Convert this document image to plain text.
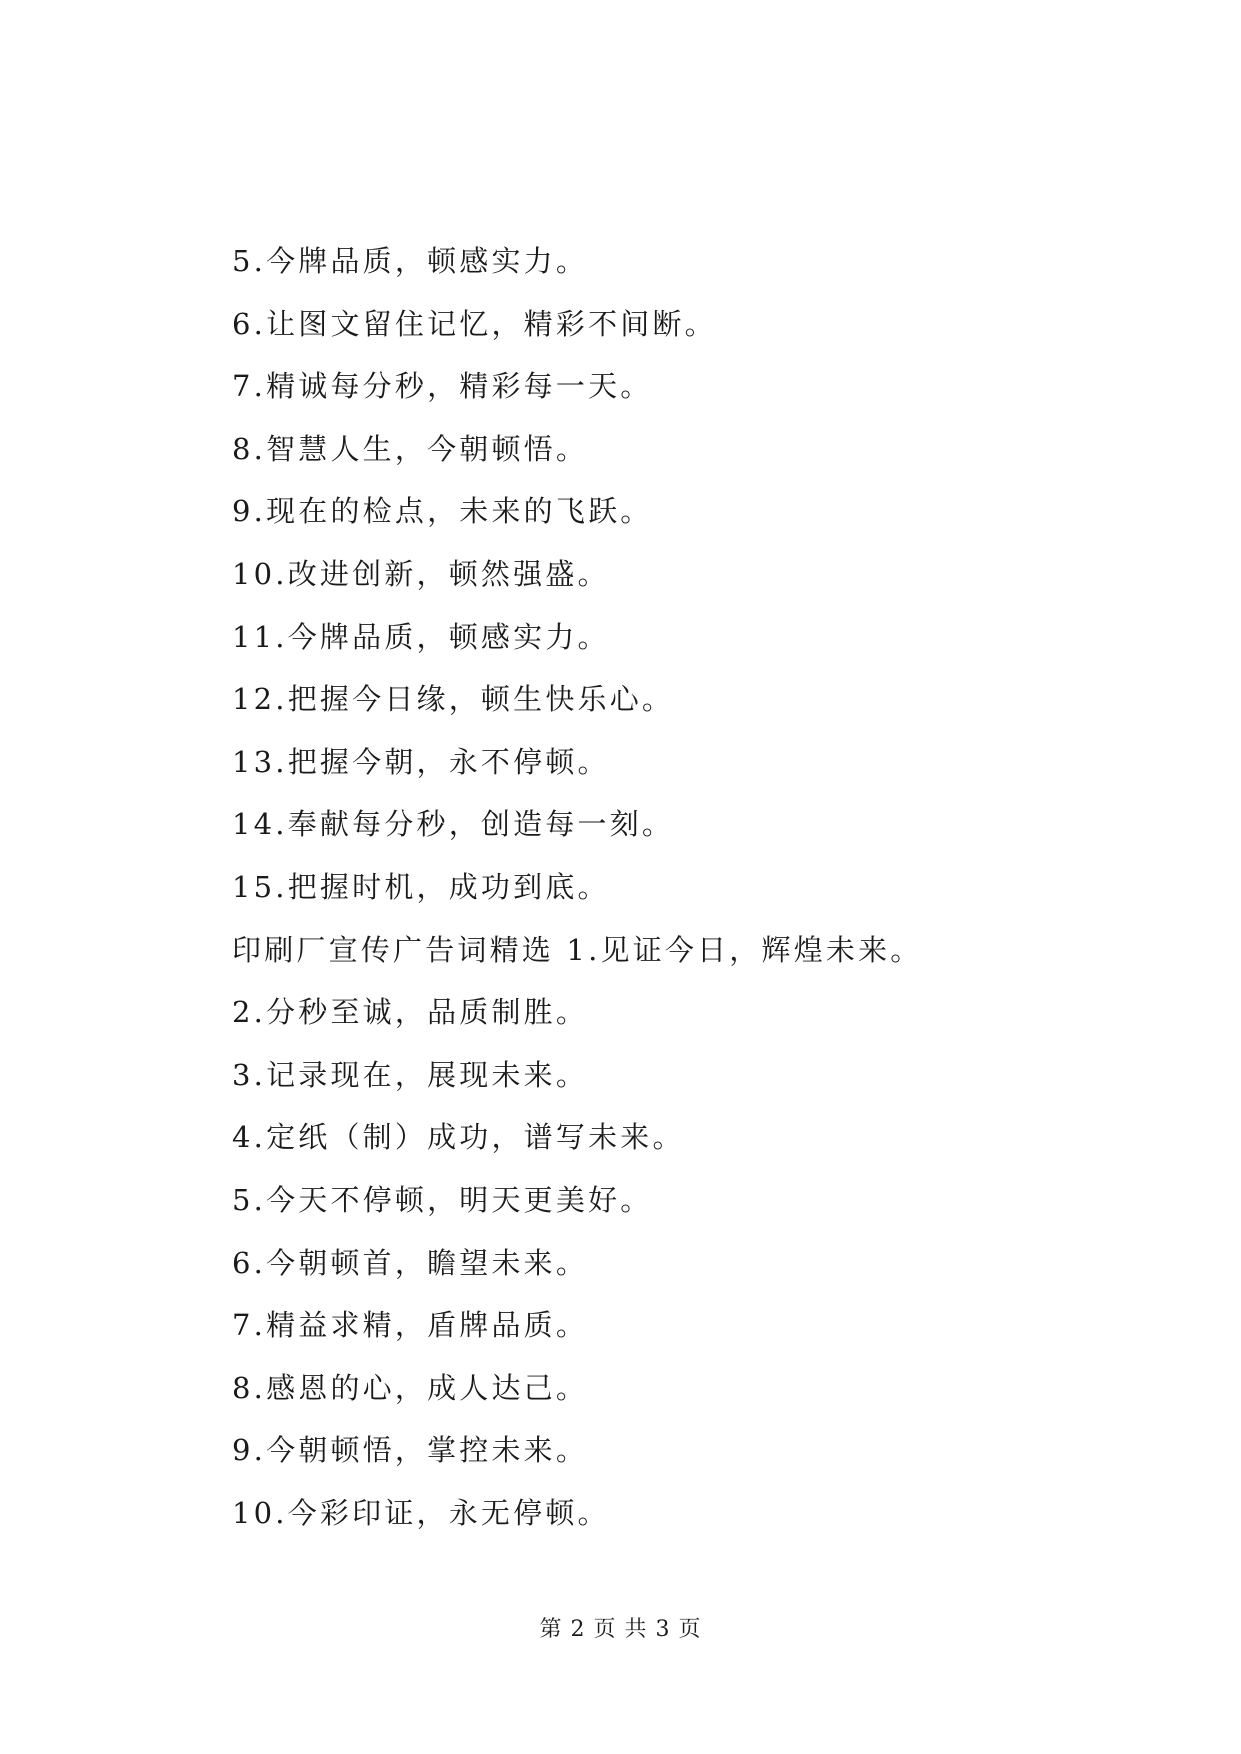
5.今牌品质，顿感实力。
6.让图文留住记忆，精彩不间断。
7.精诚每分秒，精彩每一天。
8.智慧人生，今朝顿悟。
9.现在的检点，未来的飞跃。
10.改进创新，顿然强盛。
11.今牌品质，顿感实力。
12.把握今日缘，顿生快乐心。
13.把握今朝，永不停顿。
14.奉献每分秒，创造每一刻。
15.把握时机，成功到底。
印刷厂宣传广告词精选 1.见证今日，辉煌未来。
2.分秒至诚，品质制胜。
3.记录现在，展现未来。
4.定纸（制）成功，谱写未来。
5.今天不停顿，明天更美好。
6.今朝顿首，瞻望未来。
7.精益求精，盾牌品质。
8.感恩的心，成人达己。
9.今朝顿悟，掌控未来。
10.今彩印证，永无停顿。
第 2 页 共 3 页
